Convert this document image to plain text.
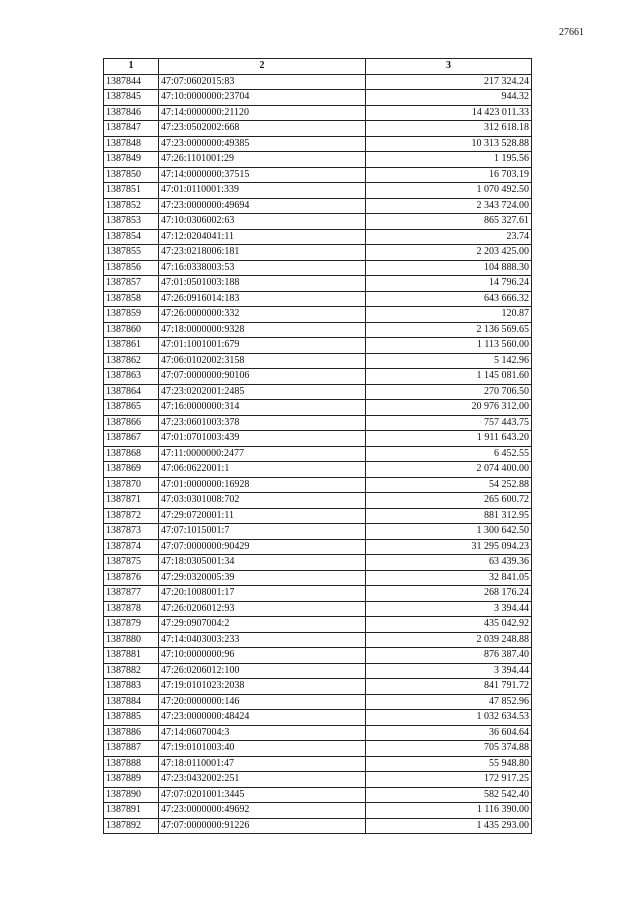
27661
1	2	3
1387844	47:07:0602015:83	217 324.24
1387845	47:10:0000000:23704	944.32
1387846	47:14:0000000:21120	14 423 011.33
1387847	47:23:0502002:668	312 618.18
1387848	47:23:0000000:49385	10 313 528.88
1387849	47:26:1101001:29	1 195.56
1387850	47:14:0000000:37515	16 703.19
1387851	47:01:0110001:339	1 070 492.50
1387852	47:23:0000000:49694	2 343 724.00
1387853	47:10:0306002:63	865 327.61
1387854	47:12:0204041:11	23.74
1387855	47:23:0218006:181	2 203 425.00
1387856	47:16:0338003:53	104 888.30
1387857	47:01:0501003:188	14 796.24
1387858	47:26:0916014:183	643 666.32
1387859	47:26:0000000:332	120.87
1387860	47:18:0000000:9328	2 136 569.65
1387861	47:01:1001001:679	1 113 560.00
1387862	47:06:0102002:3158	5 142.96
1387863	47:07:0000000:90106	1 145 081.60
1387864	47:23:0202001:2485	270 706.50
1387865	47:16:0000000:314	20 976 312.00
1387866	47:23:0601003:378	757 443.75
1387867	47:01:0701003:439	1 911 643.20
1387868	47:11:0000000:2477	6 452.55
1387869	47:06:0622001:1	2 074 400.00
1387870	47:01:0000000:16928	54 252.88
1387871	47:03:0301008:702	265 600.72
1387872	47:29:0720001:11	881 312.95
1387873	47:07:1015001:7	1 300 642.50
1387874	47:07:0000000:90429	31 295 094.23
1387875	47:18:0305001:34	63 439.36
1387876	47:29:0320005:39	32 841.05
1387877	47:20:1008001:17	268 176.24
1387878	47:26:0206012:93	3 394.44
1387879	47:29:0907004:2	435 042.92
1387880	47:14:0403003:233	2 039 248.88
1387881	47:10:0000000:96	876 387.40
1387882	47:26:0206012:100	3 394.44
1387883	47:19:0101023:2038	841 791.72
1387884	47:20:0000000:146	47 852.96
1387885	47:23:0000000:48424	1 032 634.53
1387886	47:14:0607004:3	36 604.64
1387887	47:19:0101003:40	705 374.88
1387888	47:18:0110001:47	55 948.80
1387889	47:23:0432002:251	172 917.25
1387890	47:07:0201001:3445	582 542.40
1387891	47:23:0000000:49692	1 116 390.00
1387892	47:07:0000000:91226	1 435 293.00
